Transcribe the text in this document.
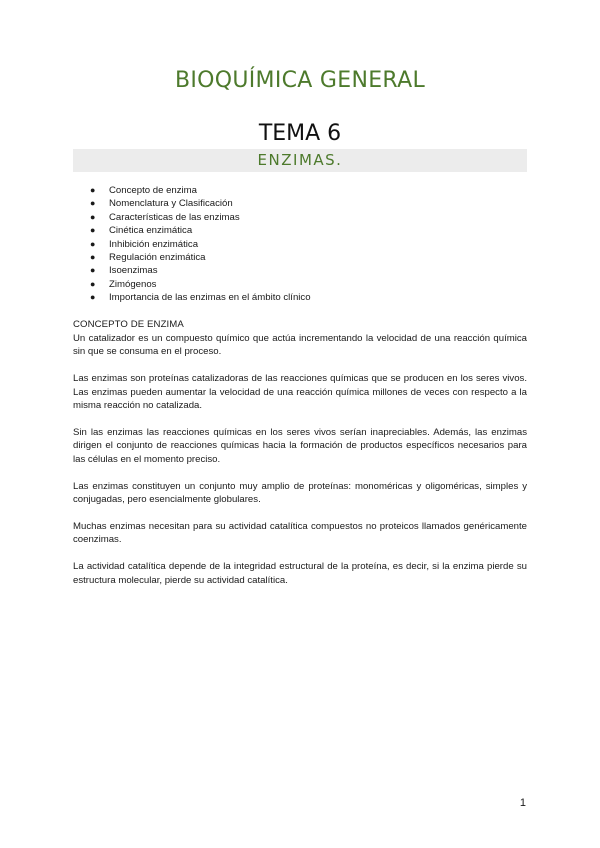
BIOQUÍMICA GENERAL
TEMA 6
ENZIMAS.
● Concepto de enzima
● Nomenclatura y Clasificación
● Características de las enzimas
● Cinética enzimática
● Inhibición enzimática
● Regulación enzimática
● Isoenzimas
● Zimógenos
● Importancia de las enzimas en el ámbito clínico
CONCEPTO DE ENZIMA

Un catalizador es un compuesto químico que actúa incrementando la velocidad de una reacción química sin que se consuma en el proceso.

Las enzimas son proteínas catalizadoras de las reacciones químicas que se producen en los seres vivos. Las enzimas pueden aumentar la velocidad de una reacción química millones de veces con respecto a la misma reacción no catalizada.

Sin las enzimas las reacciones químicas en los seres vivos serían inapreciables. Además, las enzimas dirigen el conjunto de reacciones químicas hacia la formación de productos específicos necesarios para las células en el momento preciso.

Las enzimas constituyen un conjunto muy amplio de proteínas: monoméricas y oligoméricas, simples y conjugadas, pero esencialmente globulares.

Muchas enzimas necesitan para su actividad catalítica compuestos no proteicos llamados genéricamente coenzimas.

La actividad catalítica depende de la integridad estructural de la proteína, es decir, si la enzima pierde su estructura molecular, pierde su actividad catalítica.

1
